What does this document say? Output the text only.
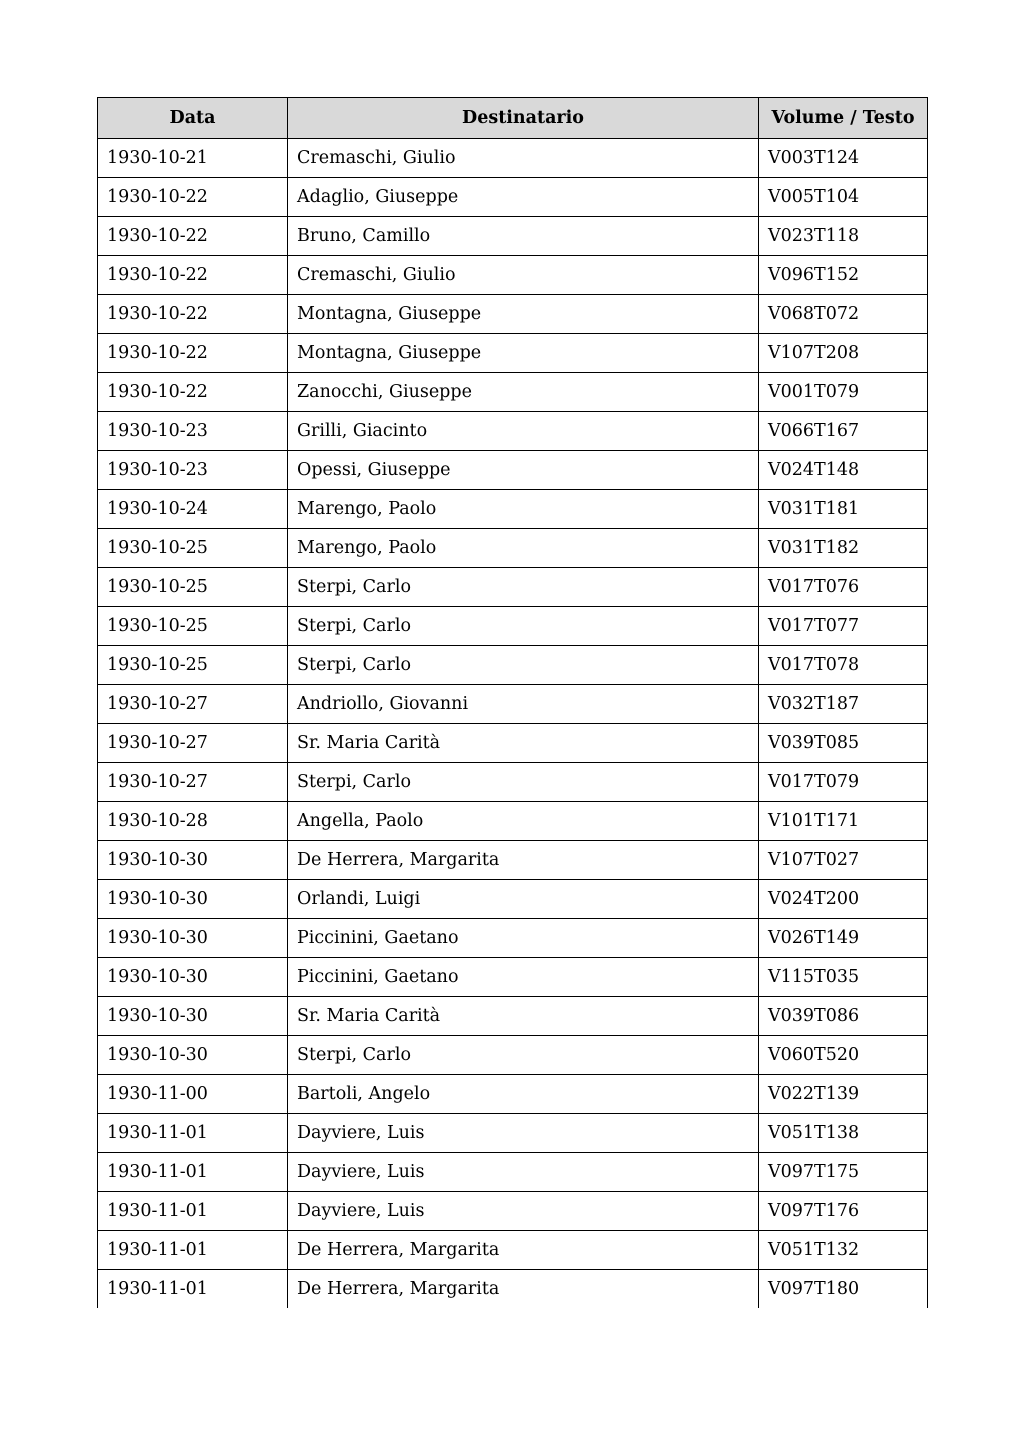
Data	Destinatario	Volume / Testo
1930-10-21	Cremaschi, Giulio	V003T124
1930-10-22	Adaglio, Giuseppe	V005T104
1930-10-22	Bruno, Camillo	V023T118
1930-10-22	Cremaschi, Giulio	V096T152
1930-10-22	Montagna, Giuseppe	V068T072
1930-10-22	Montagna, Giuseppe	V107T208
1930-10-22	Zanocchi, Giuseppe	V001T079
1930-10-23	Grilli, Giacinto	V066T167
1930-10-23	Opessi, Giuseppe	V024T148
1930-10-24	Marengo, Paolo	V031T181
1930-10-25	Marengo, Paolo	V031T182
1930-10-25	Sterpi, Carlo	V017T076
1930-10-25	Sterpi, Carlo	V017T077
1930-10-25	Sterpi, Carlo	V017T078
1930-10-27	Andriollo, Giovanni	V032T187
1930-10-27	Sr. Maria Carità	V039T085
1930-10-27	Sterpi, Carlo	V017T079
1930-10-28	Angella, Paolo	V101T171
1930-10-30	De Herrera, Margarita	V107T027
1930-10-30	Orlandi, Luigi	V024T200
1930-10-30	Piccinini, Gaetano	V026T149
1930-10-30	Piccinini, Gaetano	V115T035
1930-10-30	Sr. Maria Carità	V039T086
1930-10-30	Sterpi, Carlo	V060T520
1930-11-00	Bartoli, Angelo	V022T139
1930-11-01	Dayviere, Luis	V051T138
1930-11-01	Dayviere, Luis	V097T175
1930-11-01	Dayviere, Luis	V097T176
1930-11-01	De Herrera, Margarita	V051T132
1930-11-01	De Herrera, Margarita	V097T180
